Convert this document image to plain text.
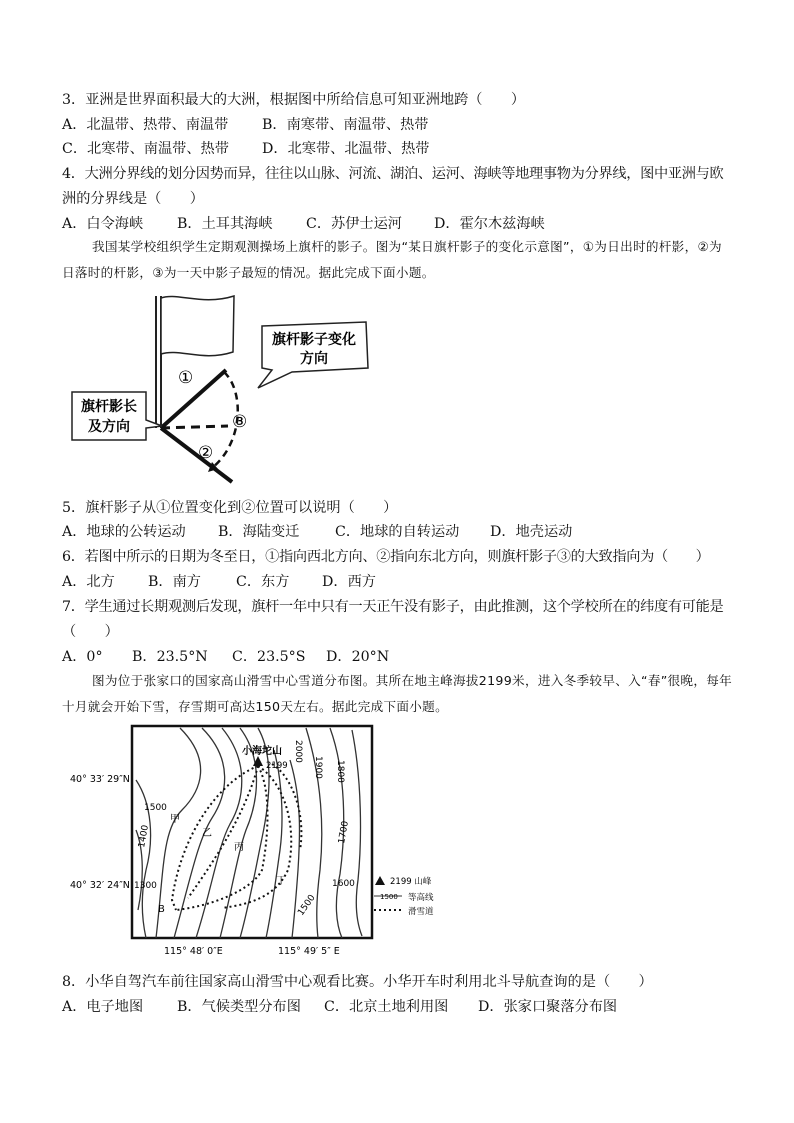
3．亚洲是世界面积最大的大洲，根据图中所给信息可知亚洲地跨（　　）
A．北温带、热带、南温带 B．南寒带、南温带、热带
C．北寒带、南温带、热带 D．北寒带、北温带、热带
4．大洲分界线的划分因势而异，往往以山脉、河流、湖泊、运河、海峡等地理事物为分界线，图中亚洲与欧
洲的分界线是（　　）
A．白令海峡 B．土耳其海峡 C．苏伊士运河 D．霍尔木兹海峡
我国某学校组织学生定期观测操场上旗杆的影子。图为“某日旗杆影子的变化示意图”，①为日出时的杆影，②为日落时的杆影，③为一天中影子最短的情况。据此完成下面小题。
①
③
②
旗杆影子变化
方向
旗杆影长
及方向
5．旗杆影子从①位置变化到②位置可以说明（　　）
A．地球的公转运动 B．海陆变迁	C．地球的自转运动 D．地壳运动
6．若图中所示的日期为冬至日，①指向西北方向、②指向东北方向，则旗杆影子③的大致指向为（　　）
A．北方 B．南方 C．东方 D．西方
7．学生通过长期观测后发现，旗杆一年中只有一天正午没有影子，由此推测，这个学校所在的纬度有可能是
（　　）
A．0° B．23.5°N C．23.5°S D．20°N
图为位于张家口的国家高山滑雪中心雪道分布图。其所在地主峰海拔2199米，进入冬季较早、入“春”很晚，每年十月就会开始下雪，存雪期可高达150天左右。据此完成下面小题。
小海坨山
2199
2000
1900 1800
1700
1600
1500
1400
1300
1500
甲
乙
丙
丁
B
40° 33′ 29″N
40° 32′ 24″N
115° 48′ 0″E	115° 49′ 5″ E
2199 山峰
1500 等高线
滑雪道
8．小华自驾汽车前往国家高山滑雪中心观看比赛。小华开车时利用北斗导航查询的是（　　）
A．电子地图 B．气候类型分布图 C．北京土地利用图 D．张家口聚落分布图
